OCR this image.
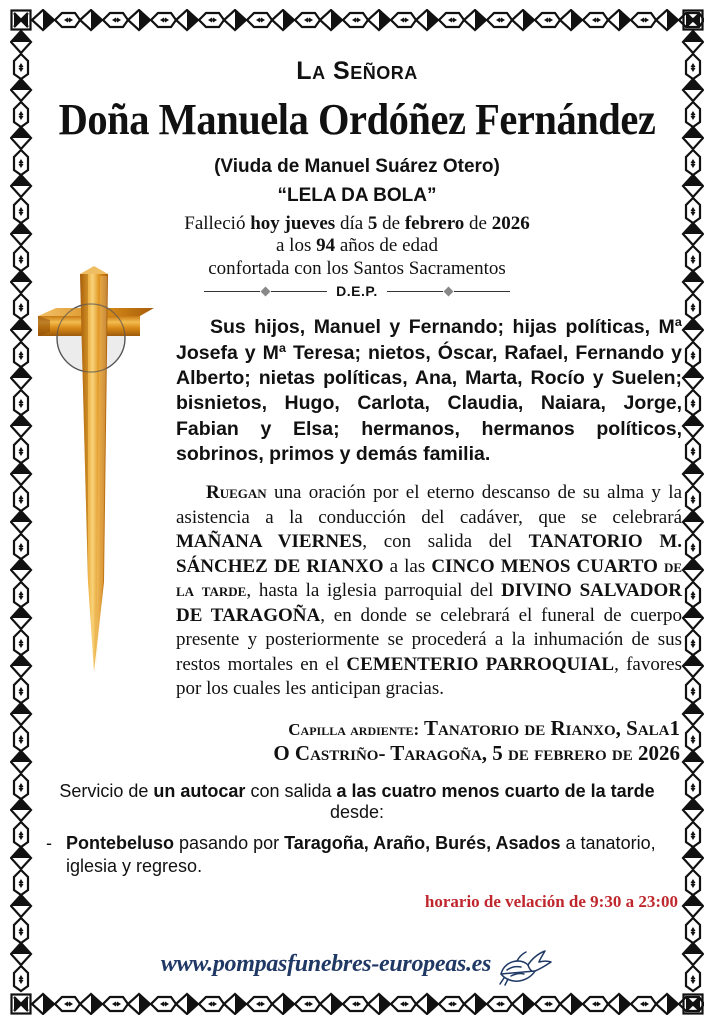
La Señora
Doña Manuela Ordóñez Fernández
(Viuda de Manuel Suárez Otero)
“LELA DA BOLA”
Falleció hoy jueves día 5 de febrero de 2026
a los 94 años de edad
confortada con los Santos Sacramentos
D.E.P.
Sus hijos, Manuel y Fernando; hijas políticas, Mª Josefa y Mª Teresa; nietos, Óscar, Rafael, Fernando y Alberto; nietas políticas, Ana, Marta, Rocío y Suelen; bisnietos, Hugo, Carlota, Claudia, Naiara, Jorge, Fabian y Elsa; hermanos, hermanos políticos, sobrinos, primos y demás familia.
Ruegan una oración por el eterno descanso de su alma y la asistencia a la conducción del cadáver, que se celebrará MAÑANA VIERNES, con salida del TANATORIO M. SÁNCHEZ DE RIANXO a las CINCO MENOS CUARTO de la tarde, hasta la iglesia parroquial del DIVINO SALVADOR DE TARAGOÑA, en donde se celebrará el funeral de cuerpo presente y posteriormente se procederá a la inhumación de sus restos mortales en el CEMENTERIO PARROQUIAL, favores por los cuales les anticipan gracias.
Capilla ardiente: Tanatorio de Rianxo, Sala1
O Castriño- Taragoña, 5 de febrero de 2026
Servicio de un autocar con salida a las cuatro menos cuarto de la tarde desde:
- Pontebeluso pasando por Taragoña, Araño, Burés, Asados a tanatorio, iglesia y regreso.
horario de velación de 9:30 a 23:00
www.pompasfunebres-europeas.es
